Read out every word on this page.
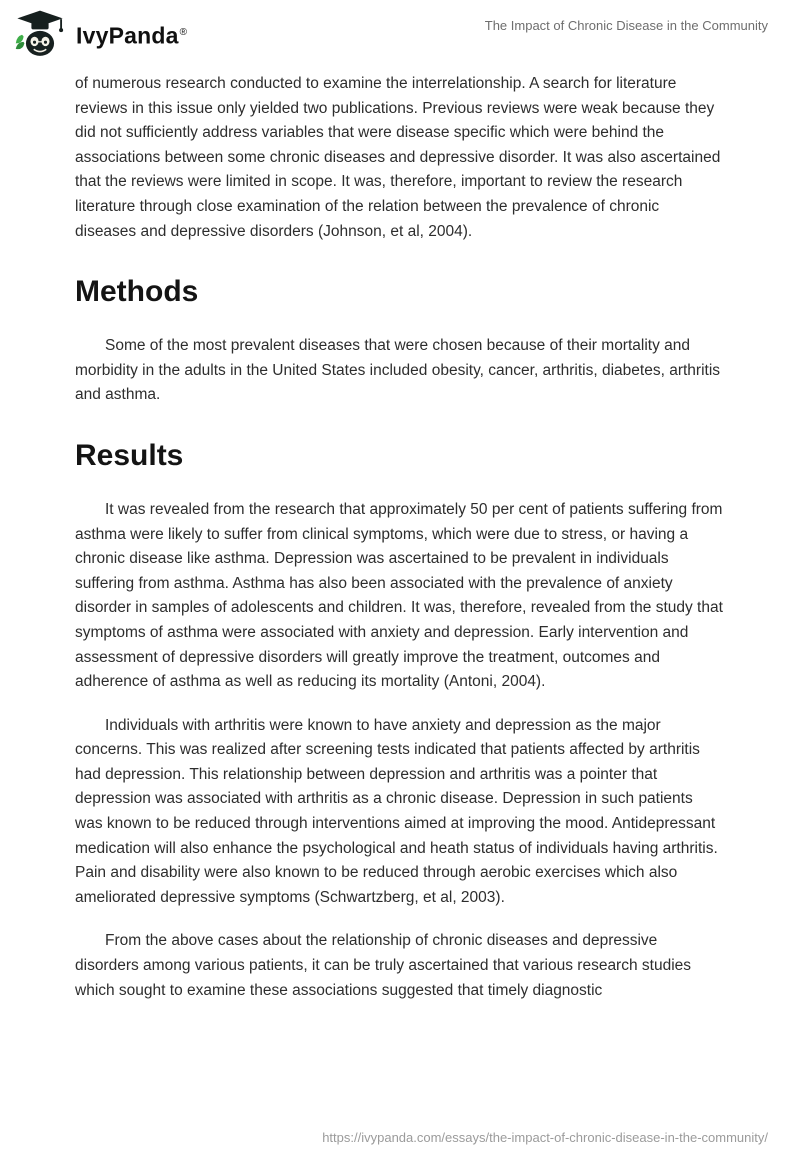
IvyPanda®	The Impact of Chronic Disease in the Community

of numerous research conducted to examine the interrelationship. A search for literature reviews in this issue only yielded two publications. Previous reviews were weak because they did not sufficiently address variables that were disease specific which were behind the associations between some chronic diseases and depressive disorder. It was also ascertained that the reviews were limited in scope. It was, therefore, important to review the research literature through close examination of the relation between the prevalence of chronic diseases and depressive disorders (Johnson, et al, 2004).

Methods

Some of the most prevalent diseases that were chosen because of their mortality and morbidity in the adults in the United States included obesity, cancer, arthritis, diabetes, arthritis and asthma.

Results

It was revealed from the research that approximately 50 per cent of patients suffering from asthma were likely to suffer from clinical symptoms, which were due to stress, or having a chronic disease like asthma. Depression was ascertained to be prevalent in individuals suffering from asthma. Asthma has also been associated with the prevalence of anxiety disorder in samples of adolescents and children. It was, therefore, revealed from the study that symptoms of asthma were associated with anxiety and depression. Early intervention and assessment of depressive disorders will greatly improve the treatment, outcomes and adherence of asthma as well as reducing its mortality (Antoni, 2004).

Individuals with arthritis were known to have anxiety and depression as the major concerns. This was realized after screening tests indicated that patients affected by arthritis had depression. This relationship between depression and arthritis was a pointer that depression was associated with arthritis as a chronic disease. Depression in such patients was known to be reduced through interventions aimed at improving the mood. Antidepressant medication will also enhance the psychological and heath status of individuals having arthritis. Pain and disability were also known to be reduced through aerobic exercises which also ameliorated depressive symptoms (Schwartzberg, et al, 2003).

From the above cases about the relationship of chronic diseases and depressive disorders among various patients, it can be truly ascertained that various research studies which sought to examine these associations suggested that timely diagnostic

https://ivypanda.com/essays/the-impact-of-chronic-disease-in-the-community/
